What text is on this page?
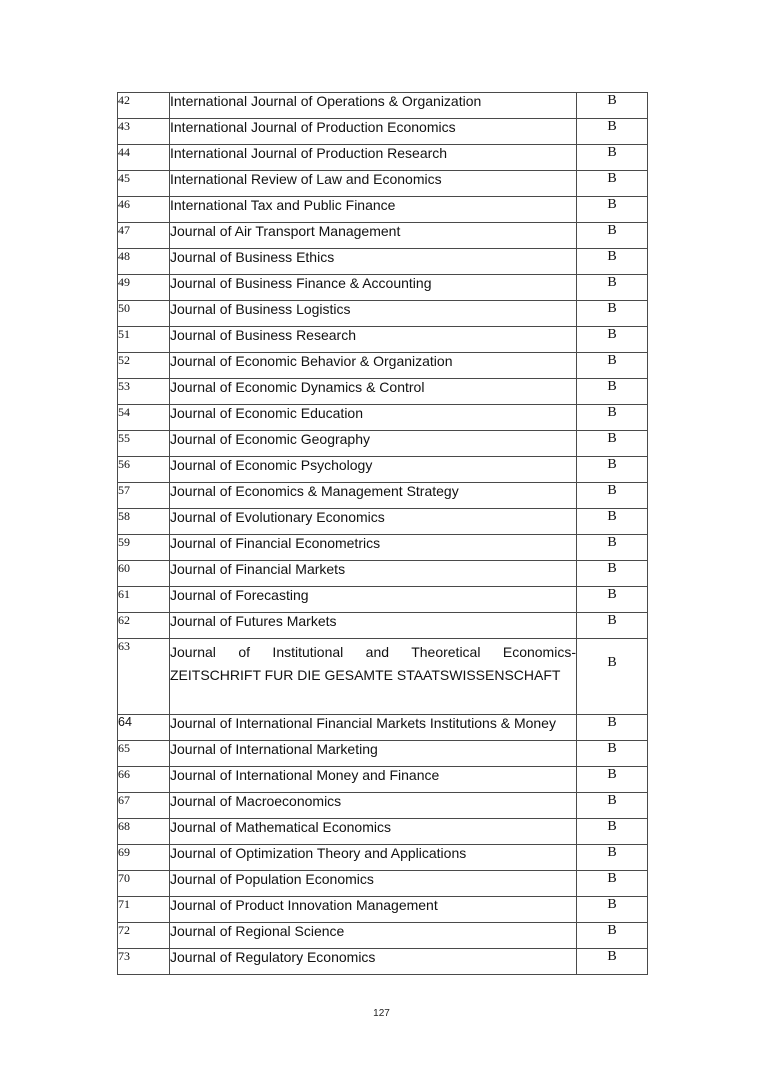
42	International Journal of Operations & Organization	B
43	International Journal of Production Economics	B
44	International Journal of Production Research	B
45	International Review of Law and Economics	B
46	International Tax and Public Finance	B
47	Journal of Air Transport Management	B
48	Journal of Business Ethics	B
49	Journal of Business Finance & Accounting	B
50	Journal of Business Logistics	B
51	Journal of Business Research	B
52	Journal of Economic Behavior & Organization	B
53	Journal of Economic Dynamics & Control	B
54	Journal of Economic Education	B
55	Journal of Economic Geography	B
56	Journal of Economic Psychology	B
57	Journal of Economics & Management Strategy	B
58	Journal of Evolutionary Economics	B
59	Journal of Financial Econometrics	B
60	Journal of Financial Markets	B
61	Journal of Forecasting	B
62	Journal of Futures Markets	B
63	Journal of Institutional and Theoretical Economics- ZEITSCHRIFT FUR DIE GESAMTE STAATSWISSENSCHAFT	B
64	Journal of International Financial Markets Institutions & Money	B
65	Journal of International Marketing	B
66	Journal of International Money and Finance	B
67	Journal of Macroeconomics	B
68	Journal of Mathematical Economics	B
69	Journal of Optimization Theory and Applications	B
70	Journal of Population Economics	B
71	Journal of Product Innovation Management	B
72	Journal of Regional Science	B
73	Journal of Regulatory Economics	B
127
